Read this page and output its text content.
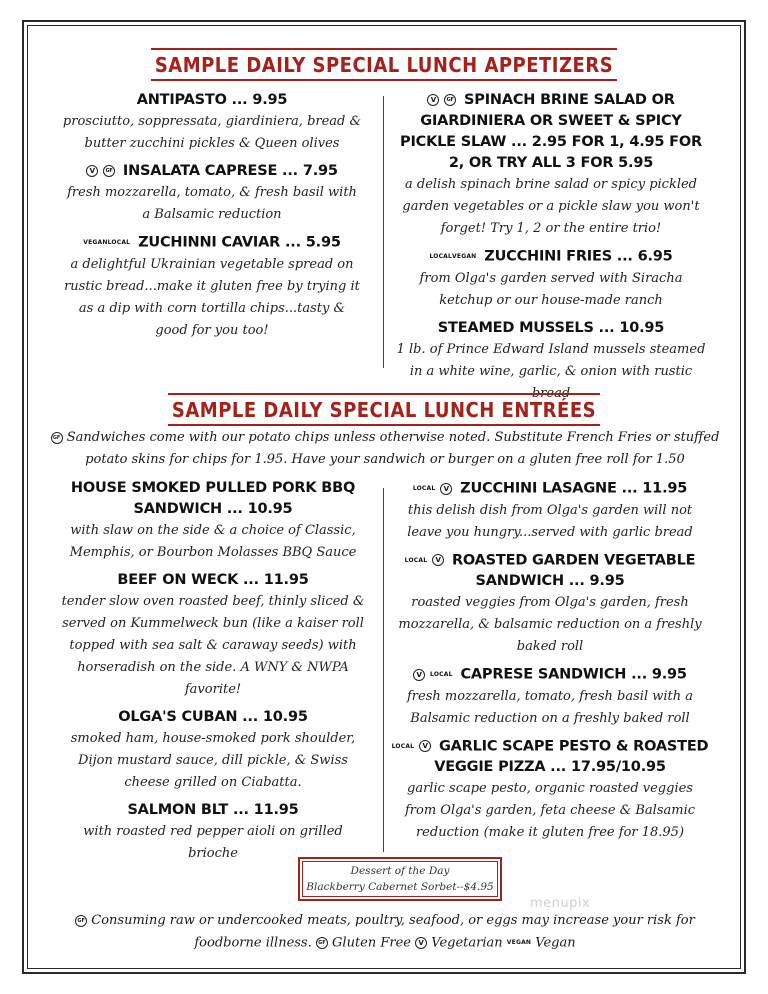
SAMPLE DAILY SPECIAL LUNCH APPETIZERS
ANTIPASTO ... 9.95
prosciutto, soppressata, giardiniera, bread & butter zucchini pickles & Queen olives
V GF INSALATA CAPRESE ... 7.95
fresh mozzarella, tomato, & fresh basil with a Balsamic reduction
VEGANLOCAL ZUCHINNI CAVIAR ... 5.95
a delightful Ukrainian vegetable spread on rustic bread...make it gluten free by trying it as a dip with corn tortilla chips...tasty & good for you too!
V GF SPINACH BRINE SALAD OR GIARDINIERA OR SWEET & SPICY PICKLE SLAW ... 2.95 FOR 1, 4.95 FOR 2, OR TRY ALL 3 FOR 5.95
a delish spinach brine salad or spicy pickled garden vegetables or a pickle slaw you won't forget! Try 1, 2 or the entire trio!
LOCALVEGAN ZUCCHINI FRIES ... 6.95
from Olga's garden served with Siracha ketchup or our house-made ranch
STEAMED MUSSELS ... 10.95
1 lb. of Prince Edward Island mussels steamed in a white wine, garlic, & onion with rustic bread
SAMPLE DAILY SPECIAL LUNCH ENTRÉES
GF Sandwiches come with our potato chips unless otherwise noted. Substitute French Fries or stuffed potato skins for chips for 1.95. Have your sandwich or burger on a gluten free roll for 1.50
HOUSE SMOKED PULLED PORK BBQ SANDWICH ... 10.95
with slaw on the side & a choice of Classic, Memphis, or Bourbon Molasses BBQ Sauce
BEEF ON WECK ... 11.95
tender slow oven roasted beef, thinly sliced & served on Kummelweck bun (like a kaiser roll topped with sea salt & caraway seeds) with horseradish on the side. A WNY & NWPA favorite!
OLGA'S CUBAN ... 10.95
smoked ham, house-smoked pork shoulder, Dijon mustard sauce, dill pickle, & Swiss cheese grilled on Ciabatta.
SALMON BLT ... 11.95
with roasted red pepper aioli on grilled brioche
LOCAL V ZUCCHINI LASAGNE ... 11.95
this delish dish from Olga's garden will not leave you hungry...served with garlic bread
LOCAL V ROASTED GARDEN VEGETABLE SANDWICH ... 9.95
roasted veggies from Olga's garden, fresh mozzarella, & balsamic reduction on a freshly baked roll
V LOCAL CAPRESE SANDWICH ... 9.95
fresh mozzarella, tomato, fresh basil with a Balsamic reduction on a freshly baked roll
LOCAL V GARLIC SCAPE PESTO & ROASTED VEGGIE PIZZA ... 17.95/10.95
garlic scape pesto, organic roasted veggies from Olga's garden, feta cheese & Balsamic reduction (make it gluten free for 18.95)
Dessert of the Day
Blackberry Cabernet Sorbet--$4.95
menupix
GF Consuming raw or undercooked meats, poultry, seafood, or eggs may increase your risk for foodborne illness. GF Gluten Free V Vegetarian VEGAN Vegan
